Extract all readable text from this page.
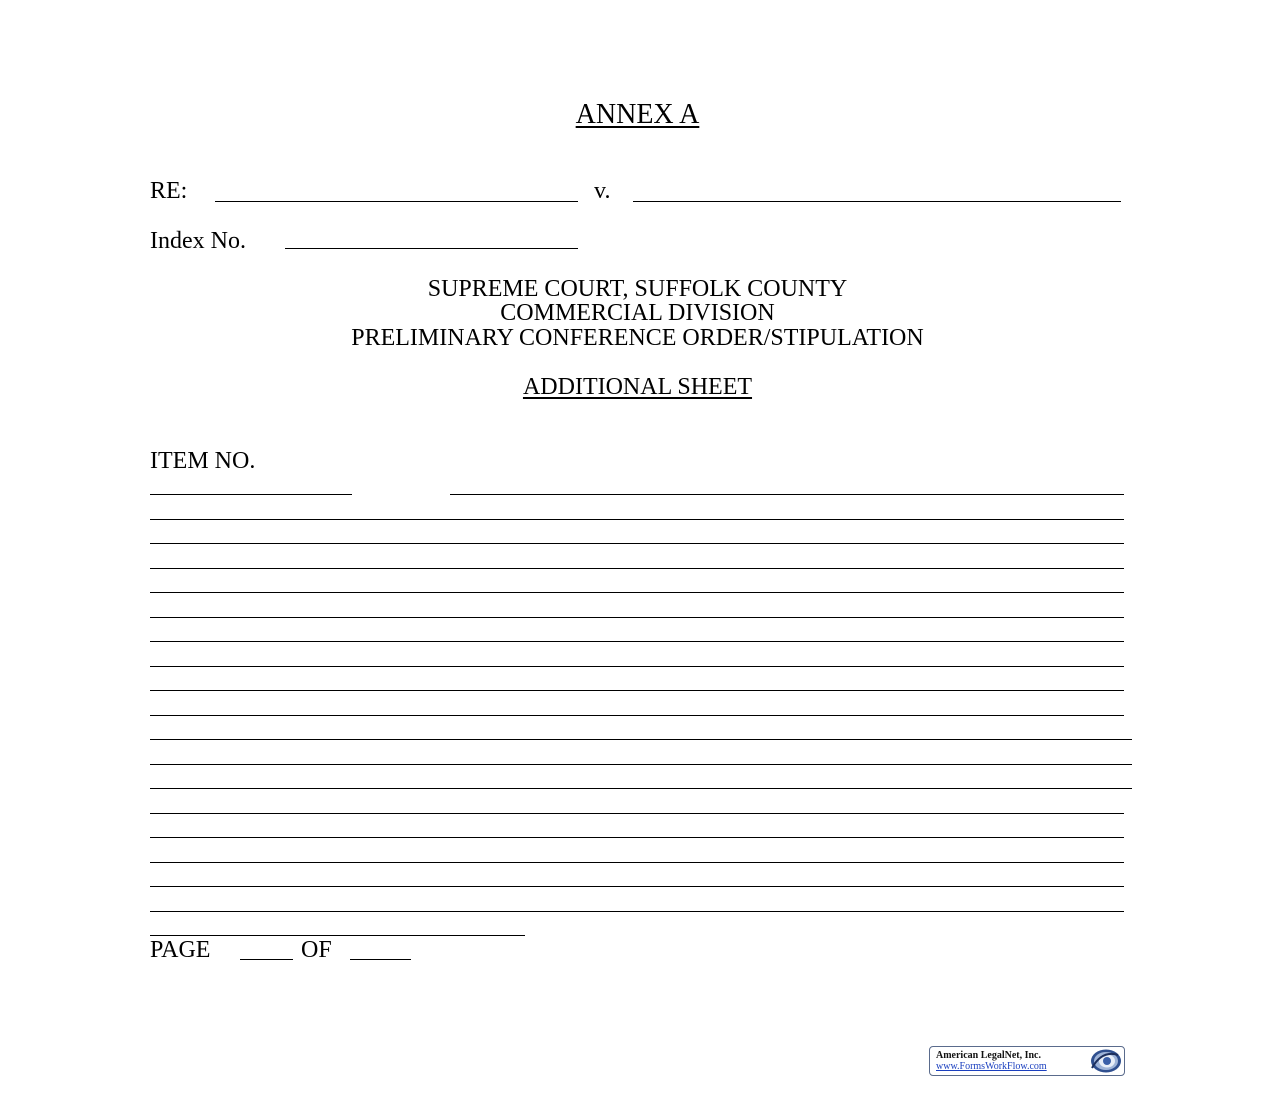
ANNEX A
RE:	v.
Index No.
SUPREME COURT, SUFFOLK COUNTY
COMMERCIAL DIVISION
PRELIMINARY CONFERENCE ORDER/STIPULATION
ADDITIONAL SHEET
ITEM NO.
PAGE	OF
American LegalNet, Inc.
www.FormsWorkFlow.com
